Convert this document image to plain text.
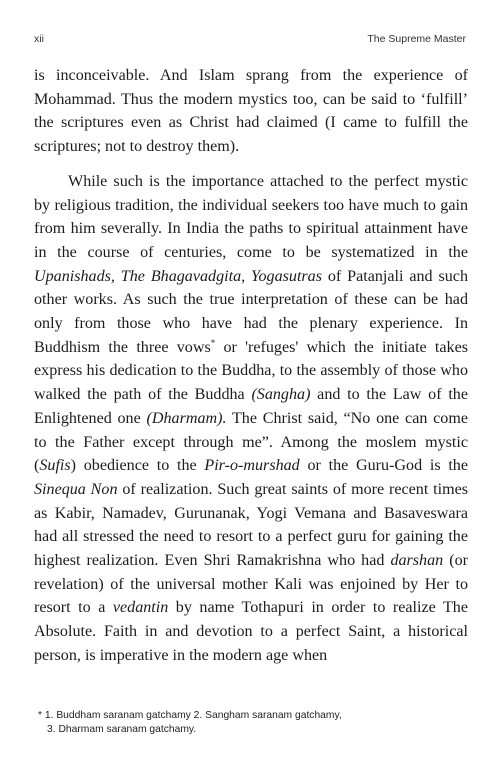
xii	The Supreme Master

is inconceivable. And Islam sprang from the experience of Mohammad. Thus the modern mystics too, can be said to ‘fulfill’ the scriptures even as Christ had claimed (I came to fulfill the scriptures; not to destroy them).

While such is the importance attached to the perfect mystic by religious tradition, the individual seekers too have much to gain from him severally. In India the paths to spiritual attainment have in the course of centuries, come to be systematized in the Upanishads, The Bhagavadgita, Yogasutras of Patanjali and such other works. As such the true interpretation of these can be had only from those who have had the plenary experience. In Buddhism the three vows* or 'refuges' which the initiate takes express his dedication to the Buddha, to the assembly of those who walked the path of the Buddha (Sangha) and to the Law of the Enlightened one (Dharmam). The Christ said, “No one can come to the Father except through me”. Among the moslem mystic (Sufis) obedience to the Pir-o-murshad or the Guru-God is the Sinequa Non of realization. Such great saints of more recent times as Kabir, Namadev, Gurunanak, Yogi Vemana and Basaveswara had all stressed the need to resort to a perfect guru for gaining the highest realization. Even Shri Ramakrishna who had darshan (or revelation) of the universal mother Kali was enjoined by Her to resort to a vedantin by name Tothapuri in order to realize The Absolute. Faith in and devotion to a perfect Saint, a historical person, is imperative in the modern age when

* 1. Buddham saranam gatchamy 2. Sangham saranam gatchamy,
3. Dharmam saranam gatchamy.
